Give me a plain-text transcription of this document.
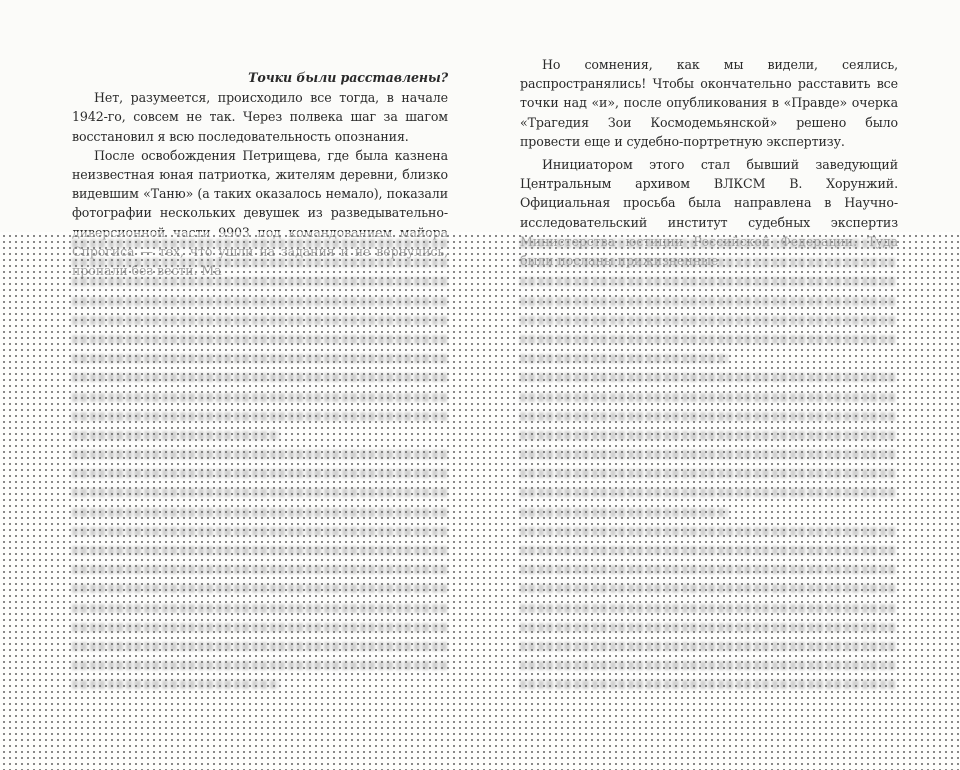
Точки были расставлены?

Нет, разумеется, происходило все тогда, в начале 1942-го, совсем не так. Через полвека шаг за шагом восстановил я всю последовательность опознания.

После освобождения Петрищева, где была казнена неизвестная юная патриотка, жителям деревни, близко видевшим «Таню» (а таких оказалось немало), показали фотографии нескольких девушек из разведывательно-

Но сомнения, как мы видели, сеялись, распространялись! Чтобы окончательно расставить все точки над «и», после опубликования в «Правде» очерка «Трагедия Зои Космодемьянской» решено было провести еще и судебно-портретную экспертизу.

Инициатором этого стал бывший заведующий Центральным архивом ВЛКСМ В. Хорунжий. Официальная просьба была направлена в Научно-исследовательский институт судебных экспертиз
